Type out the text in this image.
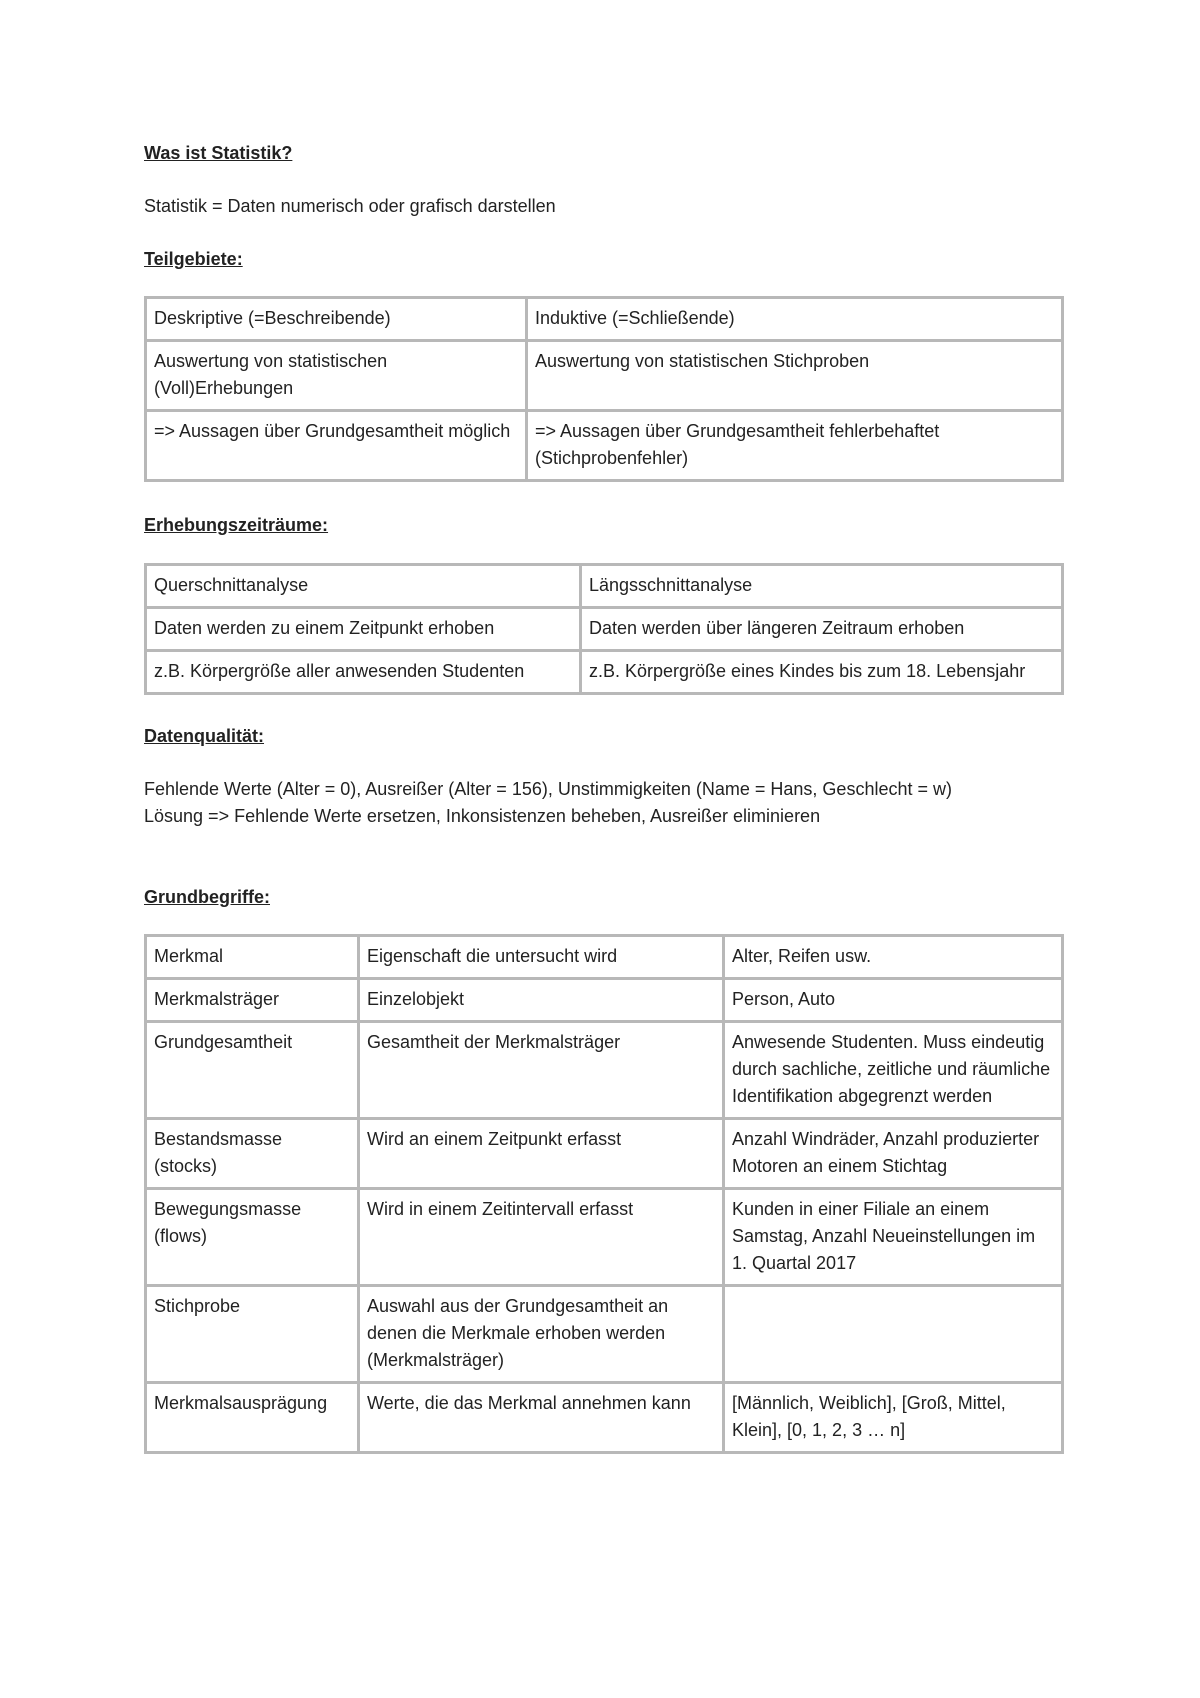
Was ist Statistik?

Statistik = Daten numerisch oder grafisch darstellen

Teilgebiete:

Deskriptive (=Beschreibende)	Induktive (=Schließende)
Auswertung von statistischen (Voll)Erhebungen	Auswertung von statistischen Stichproben
=> Aussagen über Grundgesamtheit möglich	=> Aussagen über Grundgesamtheit fehlerbehaftet (Stichprobenfehler)

Erhebungszeiträume:

Querschnittanalyse	Längsschnittanalyse
Daten werden zu einem Zeitpunkt erhoben	Daten werden über längeren Zeitraum erhoben
z.B. Körpergröße aller anwesenden Studenten	z.B. Körpergröße eines Kindes bis zum 18. Lebensjahr

Datenqualität:

Fehlende Werte (Alter = 0), Ausreißer (Alter = 156), Unstimmigkeiten (Name = Hans, Geschlecht = w)

Lösung => Fehlende Werte ersetzen, Inkonsistenzen beheben, Ausreißer eliminieren

Grundbegriffe:

Merkmal	Eigenschaft die untersucht wird	Alter, Reifen usw.
Merkmalsträger	Einzelobjekt	Person, Auto
Grundgesamtheit	Gesamtheit der Merkmalsträger	Anwesende Studenten. Muss eindeutig durch sachliche, zeitliche und räumliche Identifikation abgegrenzt werden
Bestandsmasse (stocks)	Wird an einem Zeitpunkt erfasst	Anzahl Windräder, Anzahl produzierter Motoren an einem Stichtag
Bewegungsmasse (flows)	Wird in einem Zeitintervall erfasst	Kunden in einer Filiale an einem Samstag, Anzahl Neueinstellungen im 1. Quartal 2017
Stichprobe	Auswahl aus der Grundgesamtheit an denen die Merkmale erhoben werden (Merkmalsträger)	
Merkmalsausprägung	Werte, die das Merkmal annehmen kann	[Männlich, Weiblich], [Groß, Mittel, Klein], [0, 1, 2, 3 … n]
